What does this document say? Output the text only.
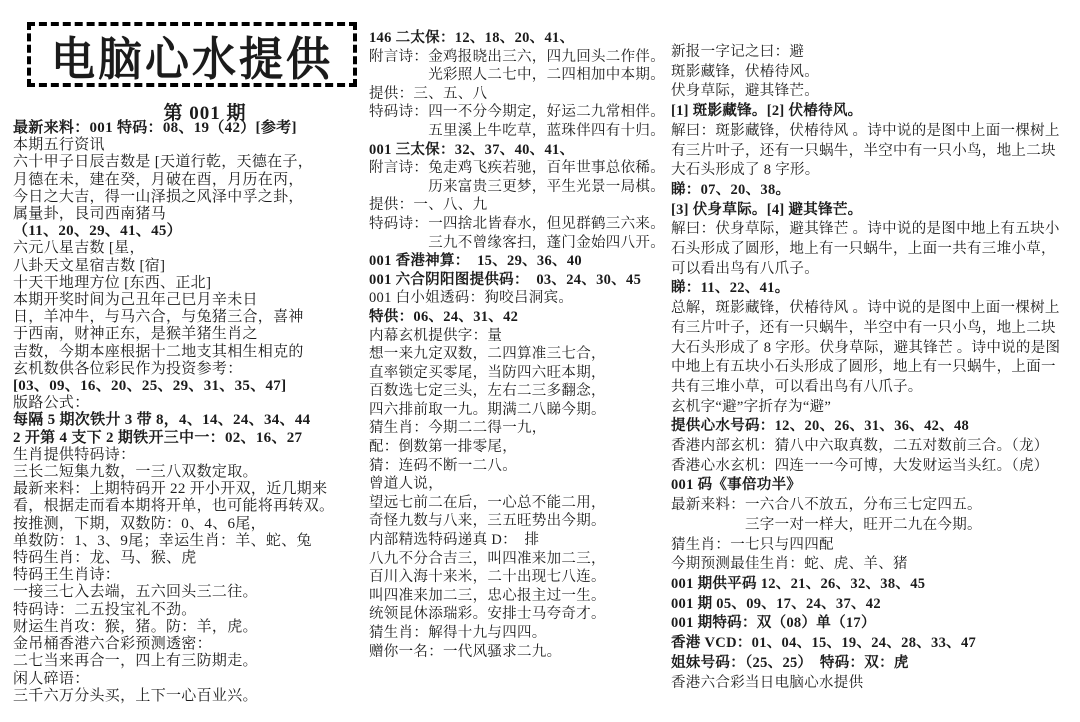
电脑心水提供
第 001 期
最新来料：001 特码：08、19（42）[参考]
本期五行资讯
六十甲子日辰吉数是 [天道行乾，天德在子，
月德在未，建在癸，月破在酉，月历在丙，
今日之大吉，得一山泽损之风泽中孚之卦，
属量卦，艮司西南猪马
（11、20、29、41、45）
六元八星吉数 [星，
八卦天文星宿吉数 [宿]
十天干地理方位 [东西、正北]
本期开奖时间为己丑年己巳月辛未日
日，羊冲牛，与马六合，与兔猪三合，喜神
于西南，财神正东，是猴羊猪生肖之
吉数，今期本座根据十二地支其相生相克的
玄机数供各位彩民作为投资参考：
[03、09、16、20、25、29、31、35、47]
版路公式：
每隔 5 期次铁廾 3 带 8，4、14、24、34、44
2 开第 4 支下 2 期铁开三中一：02、16、27
生肖提供特码诗：
三长二短集九数，一三八双数定取。
最新来料：上期特码开 22 开小开双，近几期来
看，根据走而看本期将开单，也可能将再转双。
按推测，下期，双数防：0、4、6尾，
单数防：1、3、9尾；幸运生肖：羊、蛇、兔
特码生肖：龙、马、猴、虎
特码王生肖诗：
一接三七入去端，五六回头三二往。
特码诗：二五投宝礼不劲。
财运生肖攻：猴，猪。防：羊，虎。
金吊桶香港六合彩预测透密：
二七当来再合一，四上有三防期走。
闲人碎语：
三千六万分头买，上下一心百业兴。
146 二太保：12、18、20、41、
附言诗：金鸡报晓出三六，四九回头二作伴。
　　　　光彩照人二七中，二四相加中本期。
提供：三、五、八
特码诗：四一不分今期定，好运二九常相伴。
　　　　五里溪上牛吃草，蓝珠伴四有十归。
001 三太保：32、37、40、41、
附言诗：兔走鸡飞疾若驰，百年世事总依稀。
　　　　历来富贵三更梦，平生光景一局棋。
提供：一、八、九
特码诗：一四捨北皆春水，但见群鹤三六来。
　　　　三九不曾缘客扫，蓬门金始四八开。
001 香港神算：　15、29、36、40
001 六合阴阳图提供码：　03、24、30、45
001 白小姐透码：狗咬吕洞宾。
特供：06、24、31、42
内幕玄机提供字：量
想一来九定双数，二四算准三七合，
直率锁定买零尾，当防四六旺本期，
百数选七定三头，左右二三多翻念，
四六排前取一九。期满二八睇今期。
猜生肖：今期二二得一九，
配：倒数第一排零尾，
猜：连码不断一二八。
曾道人说，
望远七前二在后，一心总不能二用，
奇怪九数与八来，三五旺势出今期。
内部精选特码递真 D：　排
八九不分合吉三，叫四准来加二三，
百川入海十来米，二十出现七八连。
叫四准来加二三，忠心报主过一生。
统领昆休添瑞彩。安排士马夸奇才。
猜生肖：解得十九与四四。
赠你一名：一代风骚求二九。
新报一字记之曰：避
斑影藏锋，伏椿待风。
伏身草际，避其锋芒。
[1] 斑影藏锋。[2] 伏椿待风。
解曰：斑影藏锋，伏椿待风 。诗中说的是图中上面一棵树上
有三片叶子，还有一只蜗牛，半空中有一只小鸟，地上二块
大石头形成了 8 字形。
睇：07、20、38。
[3] 伏身草际。[4] 避其锋芒。
解曰：伏身草际，避其锋芒 。诗中说的是图中地上有五块小
石头形成了圆形，地上有一只蜗牛，上面一共有三堆小草，
可以看出鸟有八爪子。
睇：11、22、41。
总解，斑影藏锋，伏椿待风 。诗中说的是图中上面一棵树上
有三片叶子，还有一只蜗牛，半空中有一只小鸟，地上二块
大石头形成了 8 字形。伏身草际，避其锋芒 。诗中说的是图
中地上有五块小石头形成了圆形，地上有一只蜗牛，上面一
共有三堆小草，可以看出鸟有八爪子。
玄机字“避”字折存为“避”
提供心水号码：12、20、26、31、36、42、48
香港内部玄机：猜八中六取真数，二五对数前三合。（龙）
香港心水玄机：四连一一今可博，大发财运当头红。（虎）
001 码《事倍功半》
最新来料：一六合八不放五，分布三七定四五。
　　　　　三字一对一样大，旺开二九在今期。
猜生肖：一七只与四四配
今期预测最佳生肖：蛇、虎、羊、猪
001 期供平码 12、21、26、32、38、45
001 期 05、09、17、24、37、42
001 期特码：双（08）单（17）
香港 VCD：01、04、15、19、24、28、33、47
姐妹号码：（25、25）　特码：双：虎
香港六合彩当日电脑心水提供
